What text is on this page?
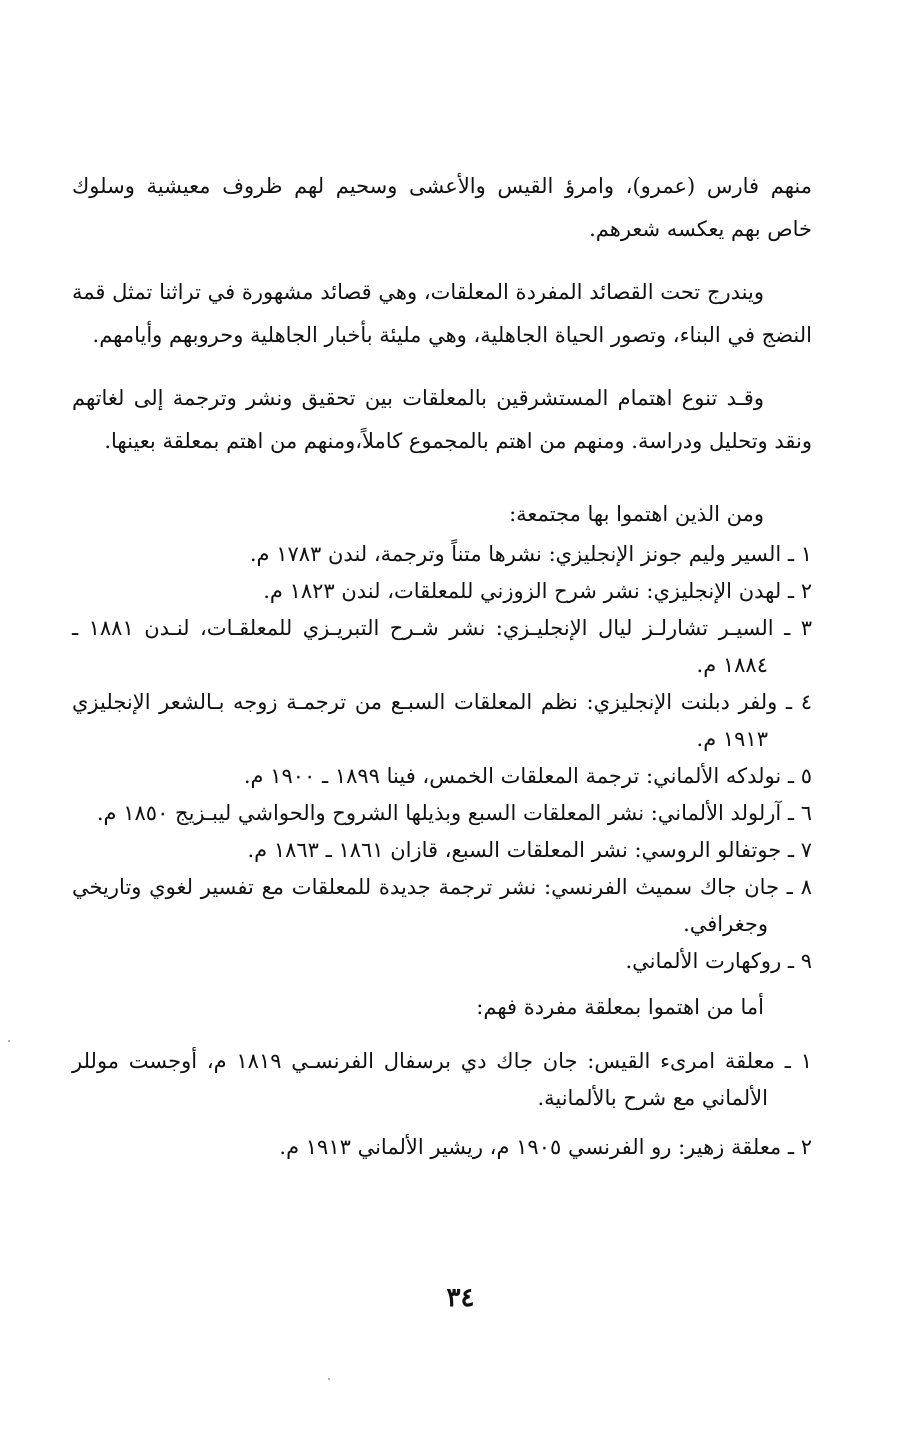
منهم فارس (عمرو)، وامرؤ القيس والأعشى وسحيم لهم ظروف معيشية وسلوك خاص بهم يعكسه شعرهم.

ويندرج تحت القصائد المفردة المعلقات، وهي قصائد مشهورة في تراثنا تمثل قمة النضج في البناء، وتصور الحياة الجاهلية، وهي مليئة بأخبار الجاهلية وحروبهم وأيامهم.

وقـد تنوع اهتمام المستشرقين بالمعلقات بين تحقيق ونشر وترجمة إلى لغاتهم ونقد وتحليل ودراسة. ومنهم من اهتم بالمجموع كاملاً،ومنهم من اهتم بمعلقة بعينها.

ومن الذين اهتموا بها مجتمعة:

١ ـ السير وليم جونز الإنجليزي: نشرها متناً وترجمة، لندن ١٧٨٣ م.
٢ ـ لهدن الإنجليزي: نشر شرح الزوزني للمعلقات، لندن ١٨٢٣ م.
٣ ـ السيـر تشارلـز ليال الإنجليـزي: نشر شـرح التبريـزي للمعلقـات، لنـدن ١٨٨١ ـ ١٨٨٤ م.
٤ ـ ولفر دبلنت الإنجليزي: نظم المعلقات السبـع من ترجمـة زوجه بـالشعر الإنجليزي ١٩١٣ م.
٥ ـ نولدكه الألماني: ترجمة المعلقات الخمس، فينا ١٨٩٩ ـ ١٩٠٠ م.
٦ ـ آرلولد الألماني: نشر المعلقات السبع وبذيلها الشروح والحواشي ليبـزيج ١٨٥٠ م.
٧ ـ جوتفالو الروسي: نشر المعلقات السبع، قازان ١٨٦١ ـ ١٨٦٣ م.
٨ ـ جان جاك سميث الفرنسي: نشر ترجمة جديدة للمعلقات مع تفسير لغوي وتاريخي وجغرافي.
٩ ـ روكهارت الألماني.

أما من اهتموا بمعلقة مفردة فهم:

١ ـ معلقة امرىء القيس: جان جاك دي برسفال الفرنسـي ١٨١٩ م، أوجست موللر الألماني مع شرح بالألمانية.
٢ ـ معلقة زهير: رو الفرنسي ١٩٠٥ م، ريشير الألماني ١٩١٣ م.
٣٤
